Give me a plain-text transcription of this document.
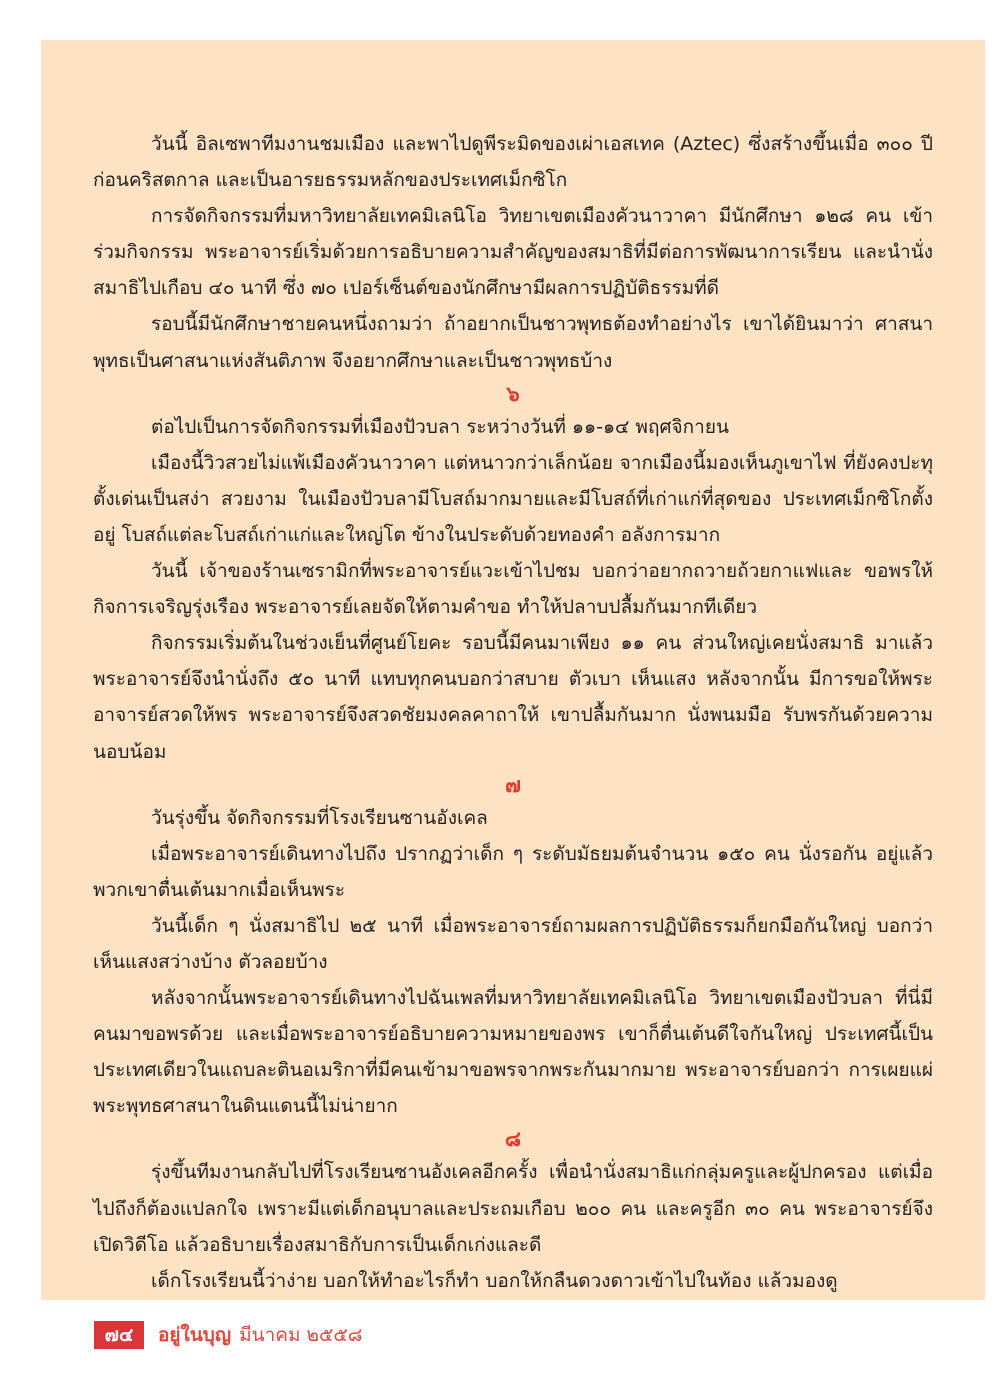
วันนี้ อิลเซพาทีมงานชมเมือง และพาไปดูพีระมิดของเผ่าเอสเทค (Aztec) ซึ่งสร้างขึ้นเมื่อ ๓๐๐ ปีก่อนคริสตกาล และเป็นอารยธรรมหลักของประเทศเม็กซิโก

การจัดกิจกรรมที่มหาวิทยาลัยเทคมิเลนิโอ วิทยาเขตเมืองคัวนาวาคา มีนักศึกษา ๑๒๘ คน เข้าร่วมกิจกรรม พระอาจารย์เริ่มด้วยการอธิบายความสำคัญของสมาธิที่มีต่อการพัฒนาการเรียน และนำนั่งสมาธิไปเกือบ ๔๐ นาที ซึ่ง ๗๐ เปอร์เซ็นต์ของนักศึกษามีผลการปฏิบัติธรรมที่ดี

รอบนี้มีนักศึกษาชายคนหนึ่งถามว่า ถ้าอยากเป็นชาวพุทธต้องทำอย่างไร เขาได้ยินมาว่า ศาสนาพุทธเป็นศาสนาแห่งสันติภาพ จึงอยากศึกษาและเป็นชาวพุทธบ้าง

๖

ต่อไปเป็นการจัดกิจกรรมที่เมืองปัวบลา ระหว่างวันที่ ๑๑-๑๔ พฤศจิกายน

เมืองนี้วิวสวยไม่แพ้เมืองคัวนาวาคา แต่หนาวกว่าเล็กน้อย จากเมืองนี้มองเห็นภูเขาไฟ ที่ยังคงปะทุตั้งเด่นเป็นสง่า สวยงาม ในเมืองปัวบลามีโบสถ์มากมายและมีโบสถ์ที่เก่าแก่ที่สุดของ ประเทศเม็กซิโกตั้งอยู่ โบสถ์แต่ละโบสถ์เก่าแก่และใหญ่โต ข้างในประดับด้วยทองคำ อลังการมาก

วันนี้ เจ้าของร้านเซรามิกที่พระอาจารย์แวะเข้าไปชม บอกว่าอยากถวายถ้วยกาแฟและ ขอพรให้กิจการเจริญรุ่งเรือง พระอาจารย์เลยจัดให้ตามคำขอ ทำให้ปลาบปลื้มกันมากทีเดียว

กิจกรรมเริ่มต้นในช่วงเย็นที่ศูนย์โยคะ รอบนี้มีคนมาเพียง ๑๑ คน ส่วนใหญ่เคยนั่งสมาธิ มาแล้ว พระอาจารย์จึงนำนั่งถึง ๕๐ นาที แทบทุกคนบอกว่าสบาย ตัวเบา เห็นแสง หลังจากนั้น มีการขอให้พระอาจารย์สวดให้พร พระอาจารย์จึงสวดชัยมงคลคาถาให้ เขาปลื้มกันมาก นั่งพนมมือ รับพรกันด้วยความนอบน้อม

๗

วันรุ่งขึ้น จัดกิจกรรมที่โรงเรียนซานอังเคล

เมื่อพระอาจารย์เดินทางไปถึง ปรากฏว่าเด็ก ๆ ระดับมัธยมต้นจำนวน ๑๕๐ คน นั่งรอกัน อยู่แล้ว พวกเขาตื่นเต้นมากเมื่อเห็นพระ

วันนี้เด็ก ๆ นั่งสมาธิไป ๒๕ นาที เมื่อพระอาจารย์ถามผลการปฏิบัติธรรมก็ยกมือกันใหญ่ บอกว่าเห็นแสงสว่างบ้าง ตัวลอยบ้าง

หลังจากนั้นพระอาจารย์เดินทางไปฉันเพลที่มหาวิทยาลัยเทคมิเลนิโอ วิทยาเขตเมืองปัวบลา ที่นี่มีคนมาขอพรด้วย และเมื่อพระอาจารย์อธิบายความหมายของพร เขาก็ตื่นเต้นดีใจกันใหญ่ ประเทศนี้เป็นประเทศเดียวในแถบละตินอเมริกาที่มีคนเข้ามาขอพรจากพระกันมากมาย พระอาจารย์บอกว่า การเผยแผ่พระพุทธศาสนาในดินแดนนี้ไม่น่ายาก

๘

รุ่งขึ้นทีมงานกลับไปที่โรงเรียนซานอังเคลอีกครั้ง เพื่อนำนั่งสมาธิแก่กลุ่มครูและผู้ปกครอง แต่เมื่อไปถึงก็ต้องแปลกใจ เพราะมีแต่เด็กอนุบาลและประถมเกือบ ๒๐๐ คน และครูอีก ๓๐ คน พระอาจารย์จึงเปิดวิดีโอ แล้วอธิบายเรื่องสมาธิกับการเป็นเด็กเก่งและดี

เด็กโรงเรียนนี้ว่าง่าย บอกให้ทำอะไรก็ทำ บอกให้กลืนดวงดาวเข้าไปในท้อง แล้วมองดู

๗๔	อยู่ในบุญ มีนาคม ๒๕๕๘
